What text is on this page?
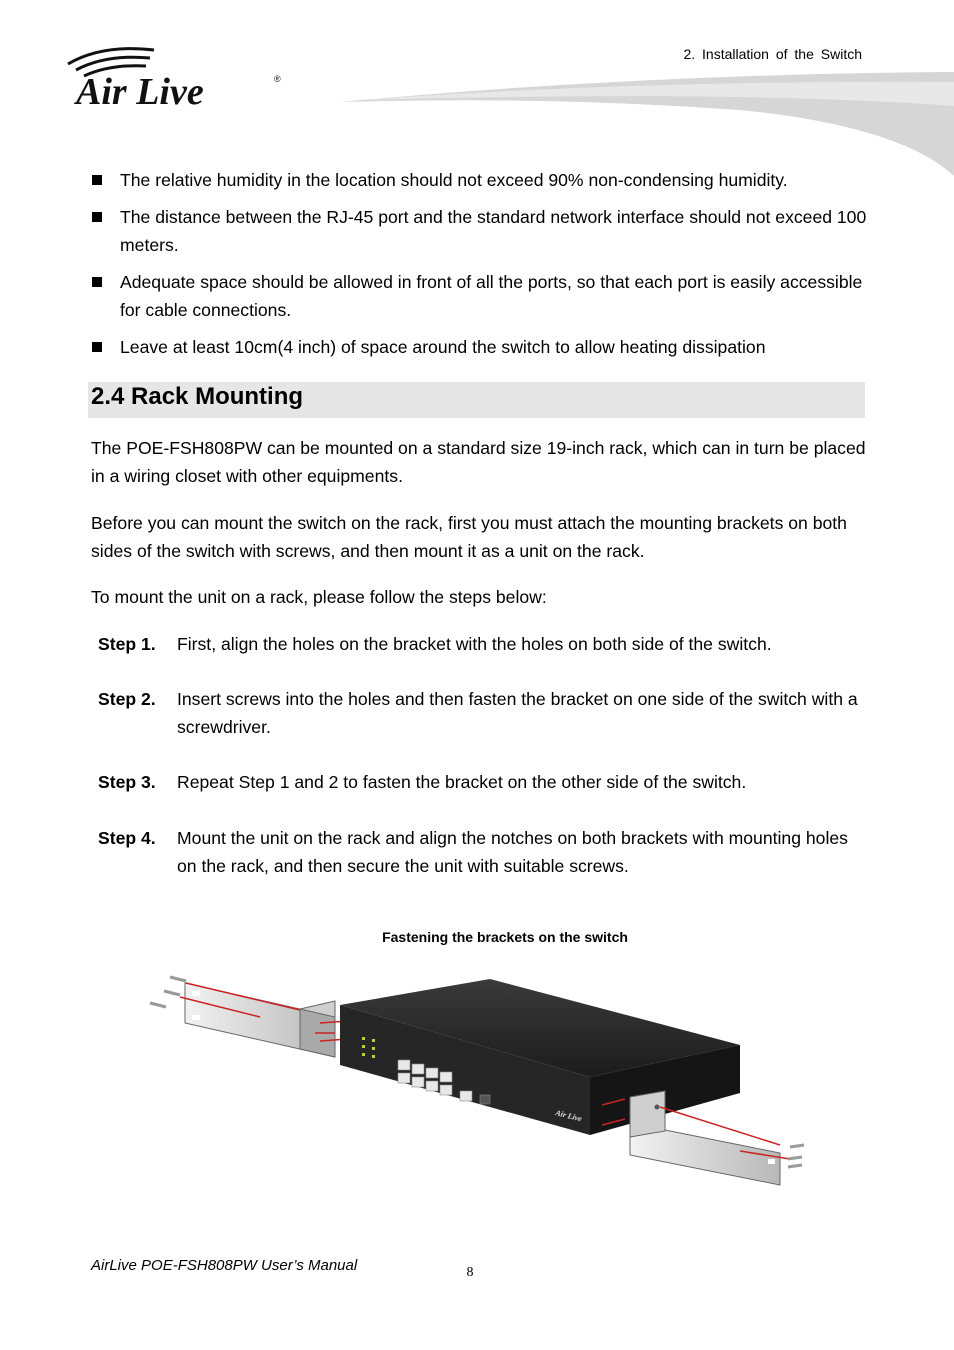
2. Installation of the Switch
Air Live	®
The relative humidity in the location should not exceed 90% non-condensing humidity.
The distance between the RJ-45 port and the standard network interface should not exceed 100 meters.
Adequate space should be allowed in front of all the ports, so that each port is easily accessible for cable connections.
Leave at least 10cm(4 inch) of space around the switch to allow heating dissipation
2.4 Rack Mounting

The POE-FSH808PW can be mounted on a standard size 19-inch rack, which can in turn be placed in a wiring closet with other equipments.

Before you can mount the switch on the rack, first you must attach the mounting brackets on both sides of the switch with screws, and then mount it as a unit on the rack.

To mount the unit on a rack, please follow the steps below:

Step 1. First, align the holes on the bracket with the holes on both side of the switch.
Step 2. Insert screws into the holes and then fasten the bracket on one side of the switch with a screwdriver.
Step 3. Repeat Step 1 and 2 to fasten the bracket on the other side of the switch.
Step 4. Mount the unit on the rack and align the notches on both brackets with mounting holes on the rack, and then secure the unit with suitable screws.
Fastening the brackets on the switch
Air Live
AirLive POE-FSH808PW User’s Manual	8
